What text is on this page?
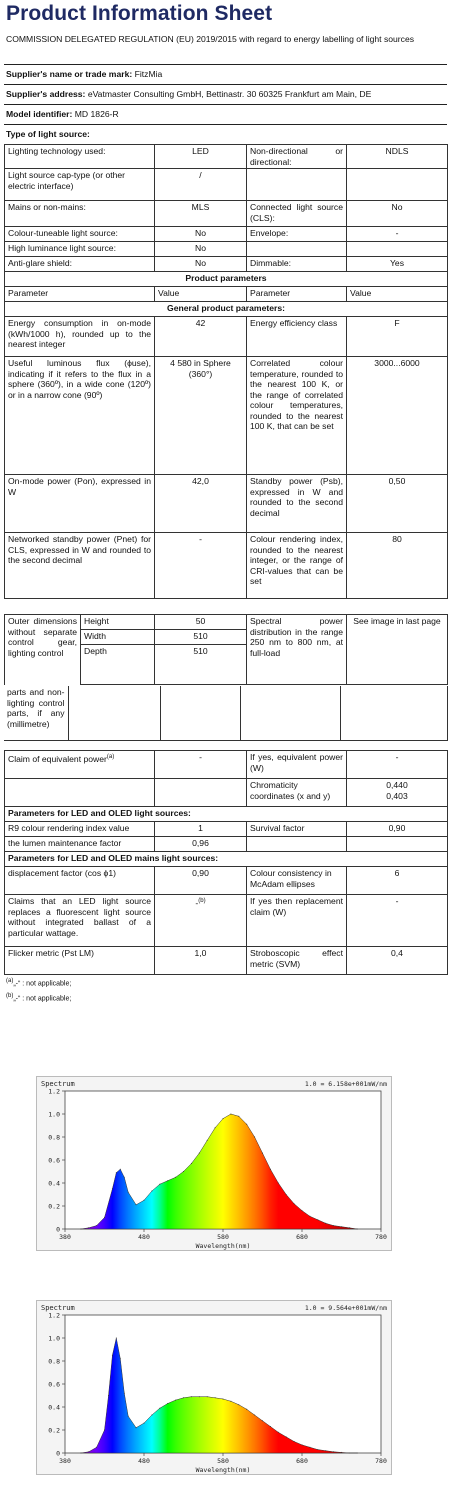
Product Information Sheet
COMMISSION DELEGATED REGULATION (EU) 2019/2015 with regard to energy labelling of light sources
Supplier's name or trade mark: FitzMia
Supplier's address: eVatmaster Consulting GmbH, Bettinastr. 30 60325 Frankfurt am Main, DE
Model identifier: MD 1826-R
Type of light source:
Lighting technology used:	LED	Non-directional or directional:	NDLS
Light source cap-type (or other electric interface)	/		
Mains or non-mains:	MLS	Connected light source (CLS):	No
Colour-tuneable light source:	No	Envelope:	-
High luminance light source:	No		
Anti-glare shield:	No	Dimmable:	Yes
Product parameters			
Parameter	Value	Parameter	Value
General product parameters:			
Energy consumption in on-mode (kWh/1000 h), rounded up to the nearest integer	42	Energy efficiency class	F
Useful luminous flux (ϕuse), indicating if it refers to the flux in a sphere (360º), in a wide cone (120º) or in a narrow cone (90º)	4 580 in Sphere (360°)	Correlated colour temperature, rounded to the nearest 100 K, or the range of correlated colour temperatures, rounded to the nearest 100 K, that can be set	3000...6000
On-mode power (Pon), expressed in W	42,0	Standby power (Psb), expressed in W and rounded to the second decimal	0,50
Networked standby power (Pnet) for CLS, expressed in W and rounded to the second decimal	-	Colour rendering index, rounded to the nearest integer, or the range of CRI-values that can be set	80
Outer dimensions without separate control gear, lighting control	Height	50	Spectral power distribution in the range 250 nm to 800 nm, at full-load	See image in last page
	Width	510		
	Depth	510		
parts and non-lighting control parts, if any (millimetre)				
Claim of equivalent power$^{(a)}$	-	If yes, equivalent power (W)	-
		Chromaticity coordinates (x and y)	0,440
0,403

Parameters for LED and OLED light sources:			
R9 colour rendering index value	1	Survival factor	0,90
the lumen maintenance factor	0,96		
Parameters for LED and OLED mains light sources:			
displacement factor (cos ϕ1)	0,90	Colour consistency in McAdam ellipses	6
Claims that an LED light source replaces a fluorescent light source without integrated ballast of a particular wattage.	-$^{(b)}$	If yes then replacement claim (W)	-
Flicker metric (Pst LM)	1,0	Stroboscopic effect metric (SVM)	0,4
$^{(a)}$„-“ : not applicable;
$^{(b)}$„-“ : not applicable;
0
0.2
0.4
0.6
0.8
1.0
1.2
380	480	580	680	780
Spectrum	1.0 = 6.158e+001mW/nm
Wavelength(nm)
0
0.2
0.4
0.6
0.8
1.0
1.2
380	480	580	680	780
Spectrum	1.0 = 9.564e+001mW/nm
Wavelength(nm)
